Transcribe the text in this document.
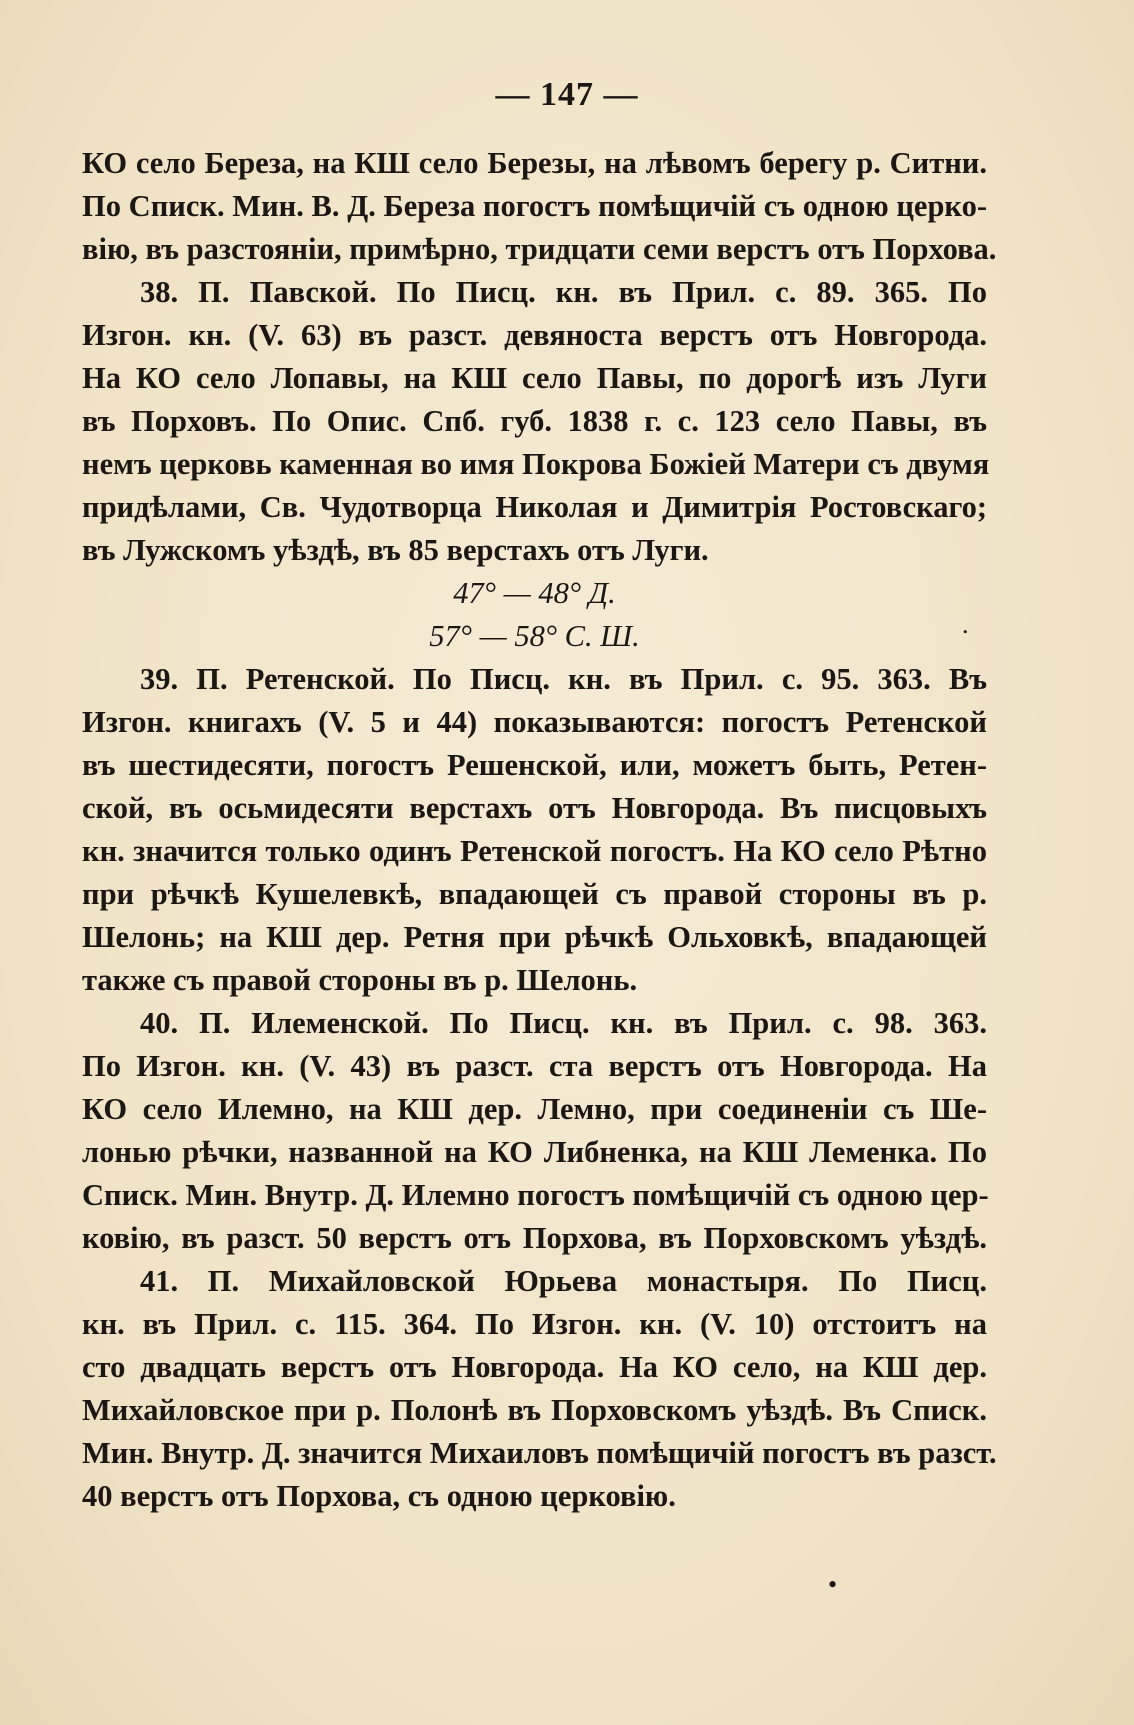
— 147 —
КО село Береза, на КШ село Березы, на лѣвомъ берегу р. Ситни.
По Списк. Мин. В. Д. Береза погостъ помѣщичій съ одною церко-
вію, въ разстояніи, примѣрно, тридцати семи верстъ отъ Порхова.
38. П. Павской. По Писц. кн. въ Прил. с. 89. 365. По
Изгон. кн. (V. 63) въ разст. девяноста верстъ отъ Новгорода.
На КО село Лопавы, на КШ село Павы, по дорогѣ изъ Луги
въ Порховъ. По Опис. Спб. губ. 1838 г. с. 123 село Павы, въ
немъ церковь каменная во имя Покрова Божіей Матери съ двумя
придѣлами, Св. Чудотворца Николая и Димитрія Ростовскаго;
въ Лужскомъ уѣздѣ, въ 85 верстахъ отъ Луги.
47° — 48° Д.
57° — 58° С. Ш.
39. П. Ретенской. По Писц. кн. въ Прил. с. 95. 363. Въ
Изгон. книгахъ (V. 5 и 44) показываются: погостъ Ретенской
въ шестидесяти, погостъ Решенской, или, можетъ быть, Ретен-
ской, въ осьмидесяти верстахъ отъ Новгорода. Въ писцовыхъ
кн. значится только одинъ Ретенской погостъ. На КО село Рѣтно
при рѣчкѣ Кушелевкѣ, впадающей съ правой стороны въ р.
Шелонь; на КШ дер. Ретня при рѣчкѣ Ольховкѣ, впадающей
также съ правой стороны въ р. Шелонь.
40. П. Илеменской. По Писц. кн. въ Прил. с. 98. 363.
По Изгон. кн. (V. 43) въ разст. ста верстъ отъ Новгорода. На
КО село Илемно, на КШ дер. Лемно, при соединеніи съ Ше-
лонью рѣчки, названной на КО Либненка, на КШ Леменка. По
Списк. Мин. Внутр. Д. Илемно погостъ помѣщичій съ одною цер-
ковію, въ разст. 50 верстъ отъ Порхова, въ Порховскомъ уѣздѣ.
41. П. Михайловской Юрьева монастыря. По Писц.
кн. въ Прил. с. 115. 364. По Изгон. кн. (V. 10) отстоитъ на
сто двадцать верстъ отъ Новгорода. На КО село, на КШ дер.
Михайловское при р. Полонѣ въ Порховскомъ уѣздѣ. Въ Списк.
Мин. Внутр. Д. значится Михаиловъ помѣщичій погостъ въ разст.
40 верстъ отъ Порхова, съ одною церковію.
.
•
